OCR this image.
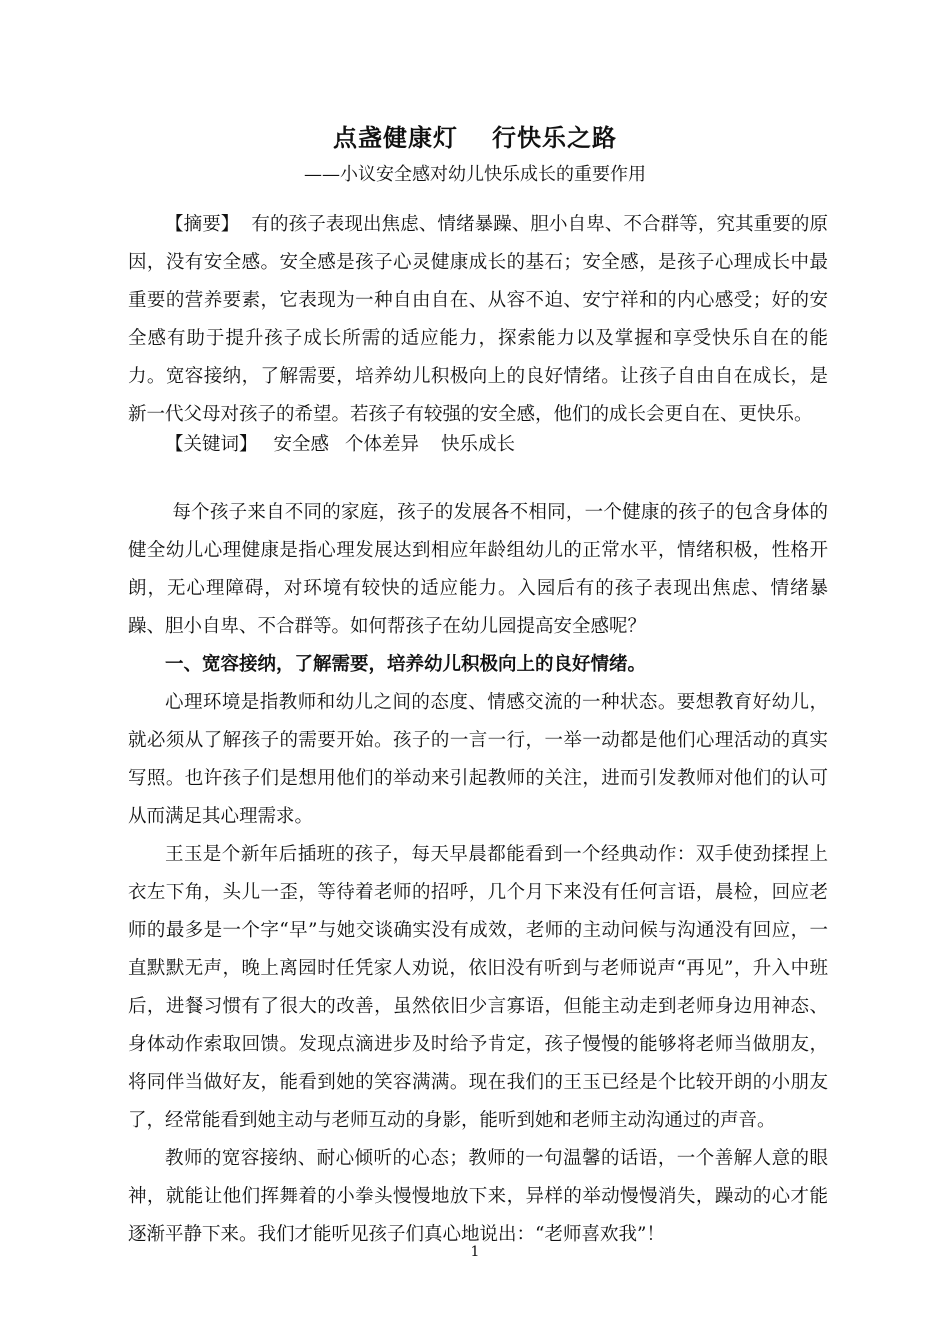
点盏健康灯 行快乐之路
——小议安全感对幼儿快乐成长的重要作用

【摘要】 有的孩子表现出焦虑、情绪暴躁、胆小自卑、不合群等，究其重要的原因，没有安全感。安全感是孩子心灵健康成长的基石；安全感，是孩子心理成长中最重要的营养要素，它表现为一种自由自在、从容不迫、安宁祥和的内心感受；好的安全感有助于提升孩子成长所需的适应能力，探索能力以及掌握和享受快乐自在的能力。宽容接纳，了解需要，培养幼儿积极向上的良好情绪。让孩子自由自在成长，是新一代父母对孩子的希望。若孩子有较强的安全感，他们的成长会更自在、更快乐。

【关键词】 安全感 个体差异 快乐成长

每个孩子来自不同的家庭，孩子的发展各不相同，一个健康的孩子的包含身体的健全幼儿心理健康是指心理发展达到相应年龄组幼儿的正常水平，情绪积极，性格开朗，无心理障碍，对环境有较快的适应能力。入园后有的孩子表现出焦虑、情绪暴躁、胆小自卑、不合群等。如何帮孩子在幼儿园提高安全感呢？

一、宽容接纳，了解需要，培养幼儿积极向上的良好情绪。

心理环境是指教师和幼儿之间的态度、情感交流的一种状态。要想教育好幼儿，就必须从了解孩子的需要开始。孩子的一言一行，一举一动都是他们心理活动的真实写照。也许孩子们是想用他们的举动来引起教师的关注，进而引发教师对他们的认可从而满足其心理需求。

王玉是个新年后插班的孩子，每天早晨都能看到一个经典动作：双手使劲揉捏上衣左下角，头儿一歪，等待着老师的招呼，几个月下来没有任何言语，晨检，回应老师的最多是一个字“早”与她交谈确实没有成效，老师的主动问候与沟通没有回应，一直默默无声，晚上离园时任凭家人劝说，依旧没有听到与老师说声“再见”，升入中班后，进餐习惯有了很大的改善，虽然依旧少言寡语，但能主动走到老师身边用神态、身体动作索取回馈。发现点滴进步及时给予肯定，孩子慢慢的能够将老师当做朋友，将同伴当做好友，能看到她的笑容满满。现在我们的王玉已经是个比较开朗的小朋友了，经常能看到她主动与老师互动的身影，能听到她和老师主动沟通过的声音。

教师的宽容接纳、耐心倾听的心态；教师的一句温馨的话语，一个善解人意的眼神，就能让他们挥舞着的小拳头慢慢地放下来，异样的举动慢慢消失，躁动的心才能逐渐平静下来。我们才能听见孩子们真心地说出：“老师喜欢我”！

1
